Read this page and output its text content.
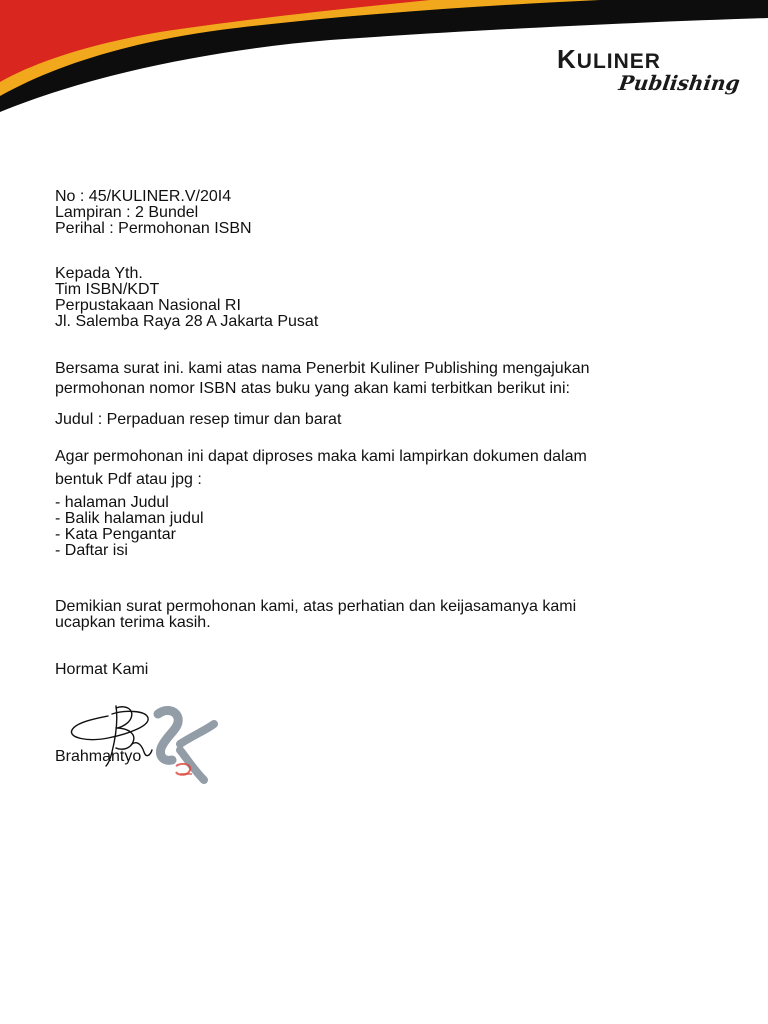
KULINER
Publishing
No : 45/KULINER.V/20I4
Lampiran : 2 Bundel
Perihal : Permohonan ISBN
Kepada Yth.
Tim ISBN/KDT
Perpustakaan Nasional RI
Jl. Salemba Raya 28 A Jakarta Pusat
Bersama surat ini. kami atas nama Penerbit Kuliner Publishing mengajukan
permohonan nomor ISBN atas buku yang akan kami terbitkan berikut ini:
Judul : Perpaduan resep timur dan barat
Agar permohonan ini dapat diproses maka kami lampirkan dokumen dalam
bentuk Pdf atau jpg :
- halaman Judul
- Balik halaman judul
- Kata Pengantar
- Daftar isi
Demikian surat permohonan kami, atas perhatian dan keijasamanya kami
ucapkan terima kasih.
Hormat Kami
Brahmantyo
